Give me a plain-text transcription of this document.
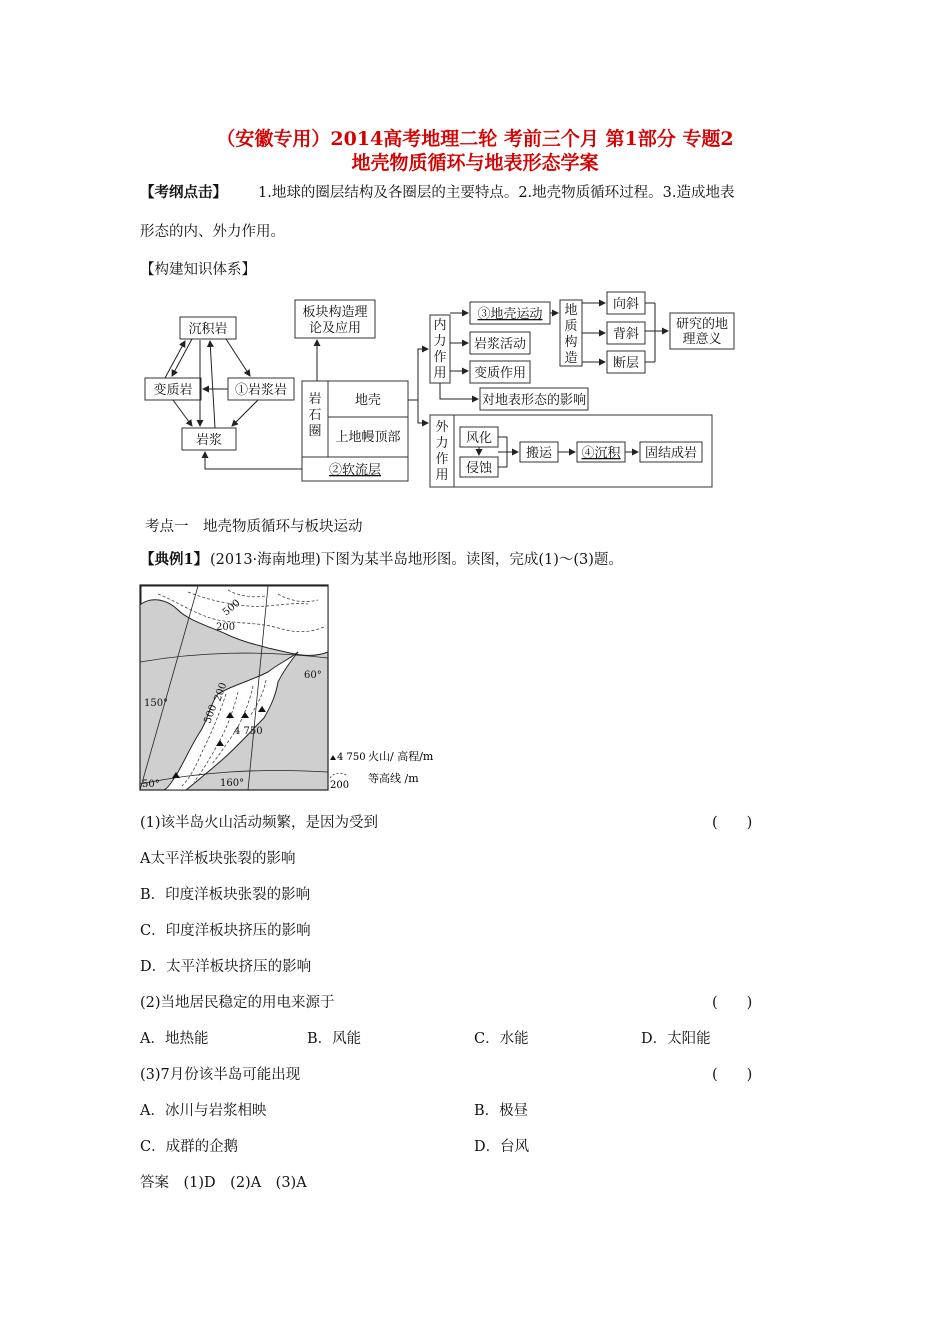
（安徽专用）2014高考地理二轮 考前三个月 第1部分 专题2
地壳物质循环与地表形态学案
【考纲点击】 1.地球的圈层结构及各圈层的主要特点。2.地壳物质循环过程。3.造成地表
形态的内、外力作用。
【构建知识体系】
沉积岩
变质岩	①岩浆岩
岩浆
板块构造理
论及应用
岩
石
圈
地壳
上地幔顶部
②软流层
内
力
作
用
③地壳运动
岩浆活动
变质作用
对地表形态的影响
地
质
构
造
向斜
背斜
断层
研究的地
理意义
外
力
作
用
风化
侵蚀
搬运 ④沉积 固结成岩
考点一　地壳物质循环与板块运动
【典例1】 (2013·海南地理)下图为某半岛地形图。读图，完成(1)～(3)题。
500
200
500
200
4 750
60°
150°
160°
50°
4 750 火山/ 高程/m
200
等高线 /m
(1)该半岛火山活动频繁，是因为受到	(　　)
A太平洋板块张裂的影响
B．印度洋板块张裂的影响
C．印度洋板块挤压的影响
D．太平洋板块挤压的影响
(2)当地居民稳定的用电来源于	(　　)
A．地热能	B．风能	C．水能	D．太阳能
(3)7月份该半岛可能出现	(　　)
A．冰川与岩浆相映	B．极昼
C．成群的企鹅	D．台风
答案　(1)D　(2)A　(3)A
